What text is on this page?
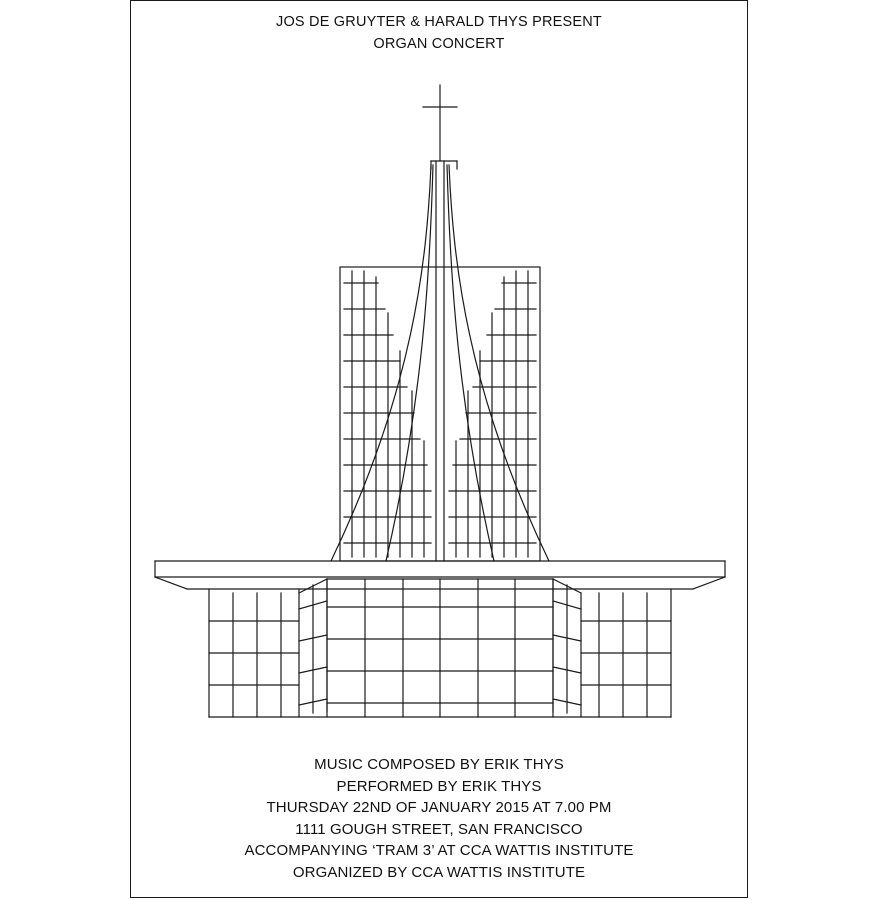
JOS DE GRUYTER & HARALD THYS PRESENT
ORGAN CONCERT
MUSIC COMPOSED BY ERIK THYS
PERFORMED BY ERIK THYS
THURSDAY 22ND OF JANUARY 2015 AT 7.00 PM
1111 GOUGH STREET, SAN FRANCISCO
ACCOMPANYING ‘TRAM 3’ AT CCA WATTIS INSTITUTE
ORGANIZED BY CCA WATTIS INSTITUTE
